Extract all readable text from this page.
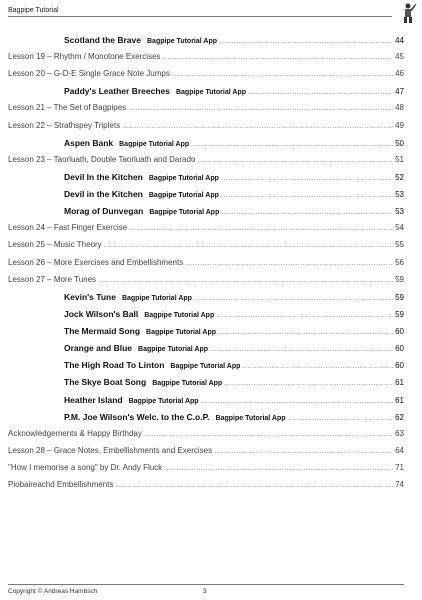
Bagpipe Tutorial
Scotland the Brave Bagpipe Tutorial App .....	44
Lesson 19 – Rhythm / Monotone Exercises .....	45
Lesson 20 – G-D-E Single Grace Note Jumps .....	46
Paddy's Leather Breeches Bagpipe Tutorial App .....	47
Lesson 21 – The Set of Bagpipes .....	48
Lesson 22 – Strathspey Triplets .....	49
Aspen Bank Bagpipe Tutorial App .....	50
Lesson 23 – Taorluath, Double Taorluath and Darado .....	51
Devil In the Kitchen Bagpipe Tutorial App .....	52
Devil in the Kitchen Bagpipe Tutorial App .....	53
Morag of Dunvegan Bagpipe Tutorial App .....	53
Lesson 24 – Fast Finger Exercise .....	54
Lesson 25 – Music Theory .....	55
Lesson 26 – More Exercises and Embellishments .....	56
Lesson 27 – More Tunes .....	59
Kevin's Tune Bagpipe Tutorial App .....	59
Jock Wilson's Ball Bagpipe Tutorial App .....	59
The Mermaid Song Bagpipe Tutorial App .....	60
Orange and Blue Bagpipe Tutorial App .....	60
The High Road To Linton Bagpipe Tutorial App .....	60
The Skye Boat Song Bagpipe Tutorial App .....	61
Heather Island Bagpipe Tutorial App .....	61
P.M. Joe Wilson's Welc. to the C.o.P. Bagpipe Tutorial App .....	62
Acknowledgements & Happy Birthday .....	63
Lesson 28 – Grace Notes, Embellishments and Exercises .....	64
"How I memorise a song" by Dr. Andy Fluck .....	71
Piobaireachd Embellishments .....	74
Copyright © Andreas Hambsch	3
